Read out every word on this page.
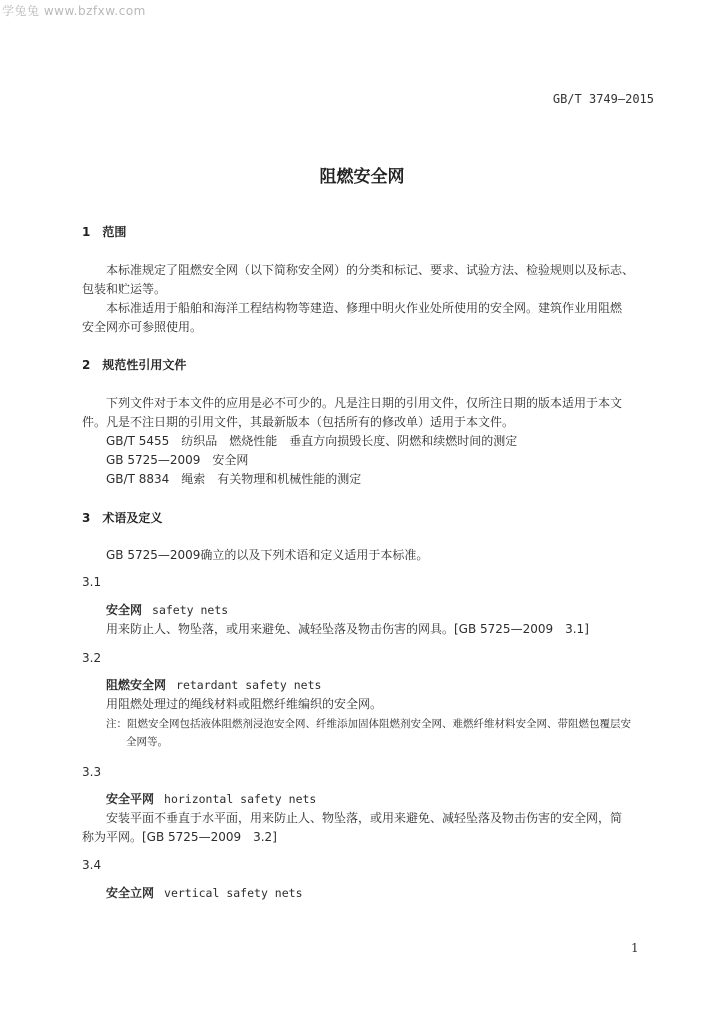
学兔兔 www.bzfxw.com
GB/T 3749—2015
阻燃安全网
1　范围
本标准规定了阻燃安全网（以下简称安全网）的分类和标记、要求、试验方法、检验规则以及标志、
包装和贮运等。
本标准适用于船舶和海洋工程结构物等建造、修理中明火作业处所使用的安全网。建筑作业用阻燃
安全网亦可参照使用。
2　规范性引用文件
下列文件对于本文件的应用是必不可少的。凡是注日期的引用文件，仅所注日期的版本适用于本文
件。凡是不注日期的引用文件，其最新版本（包括所有的修改单）适用于本文件。
GB/T 5455　纺织品　燃烧性能　垂直方向损毁长度、阴燃和续燃时间的测定
GB 5725—2009　安全网
GB/T 8834　绳索　有关物理和机械性能的测定
3　术语及定义
GB 5725—2009确立的以及下列术语和定义适用于本标准。
3.1
安全网 safety nets
用来防止人、物坠落，或用来避免、减轻坠落及物击伤害的网具。[GB 5725—2009　3.1]
3.2
阻燃安全网 retardant safety nets
用阻燃处理过的绳线材料或阻燃纤维编织的安全网。
注：阻燃安全网包括液体阻燃剂浸泡安全网、纤维添加固体阻燃剂安全网、难燃纤维材料安全网、带阻燃包覆层安
全网等。
3.3
安全平网 horizontal safety nets
安装平面不垂直于水平面，用来防止人、物坠落，或用来避免、减轻坠落及物击伤害的安全网，简
称为平网。[GB 5725—2009　3.2]
3.4
安全立网 vertical safety nets
1
